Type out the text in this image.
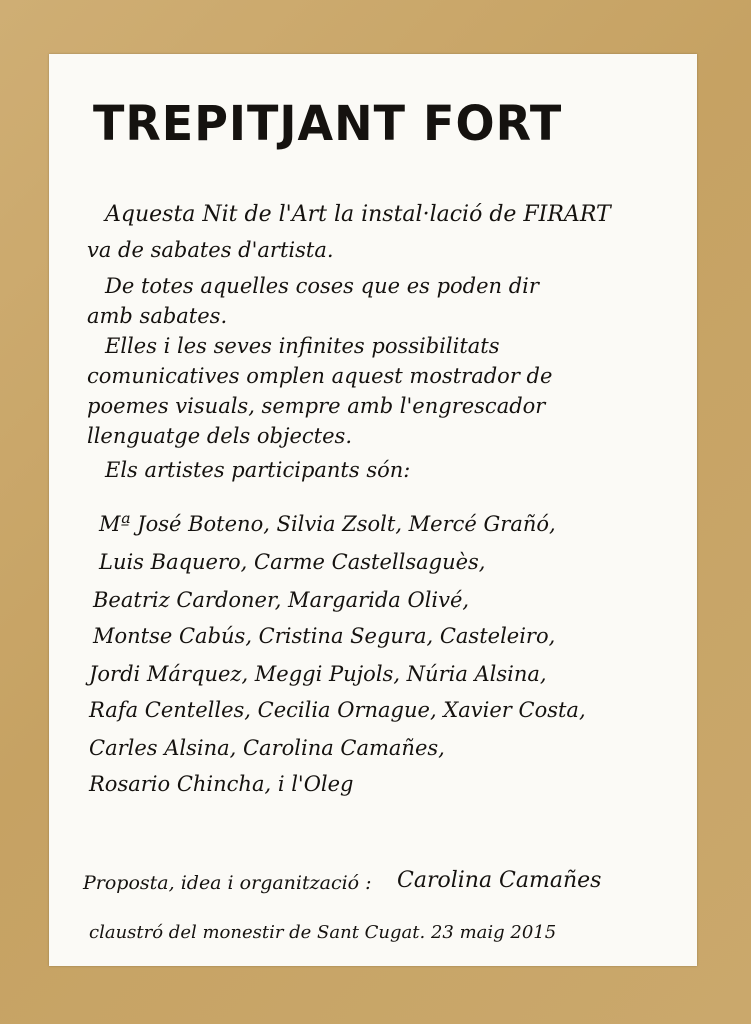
TREPITJANT FORT
Aquesta Nit de l'Art la instal·lació de FIRART
va de sabates d'artista.
De totes aquelles coses que es poden dir
amb sabates.
Elles i les seves infinites possibilitats
comunicatives omplen aquest mostrador de
poemes visuals, sempre amb l'engrescador
llenguatge dels objectes.
Els artistes participants són:
Mª José Boteno, Silvia Zsolt, Mercé Grañó,
Luis Baquero, Carme Castellsaguès,
Beatriz Cardoner, Margarida Olivé,
Montse Cabús, Cristina Segura, Casteleiro,
Jordi Márquez, Meggi Pujols, Núria Alsina,
Rafa Centelles, Cecilia Ornague, Xavier Costa,
Carles Alsina, Carolina Camañes,
Rosario Chincha, i l'Oleg
Proposta, idea i organització : Carolina Camañes
claustró del monestir de Sant Cugat. 23 maig 2015
